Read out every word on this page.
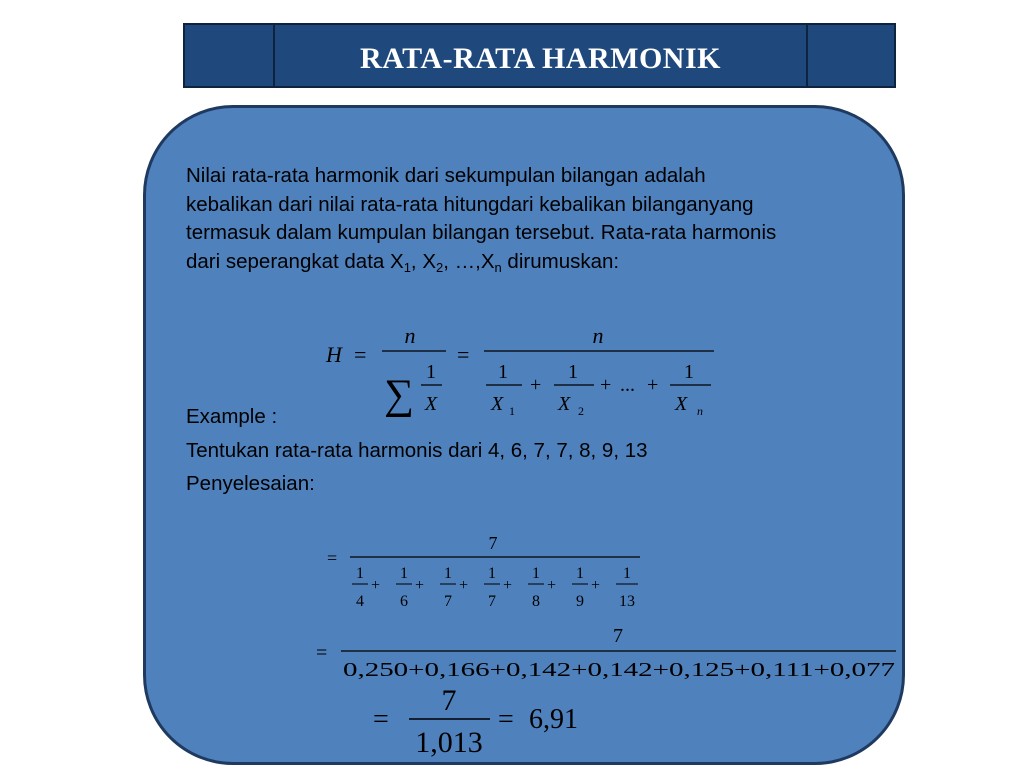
RATA-RATA HARMONIK
Nilai rata-rata harmonik dari sekumpulan bilangan adalah
kebalikan dari nilai rata-rata hitungdari kebalikan bilanganyang
termasuk dalam kumpulan bilangan tersebut. Rata-rata harmonis
dari seperangkat data $X_1$, $X_2$, $\dots,X_n$ dirumuskan:
Example :
Tentukan rata-rata harmonis dari 4, 6, 7, 7, 8, 9, 13
Penyelesaian:
H =
n
∑ 1
X
=
n
1
X 1
+
1
X 2
+ ... +
1
X n
=
7
1
4
+
1
6
+
1
7
+
1
7
+
1
8
+
1
9
+
1
13
=
7
0,250 + 0,166 + 0,142 + 0,142 + 0,125 + 0,111 + 0,077
=
7
1,013
= 6,91
